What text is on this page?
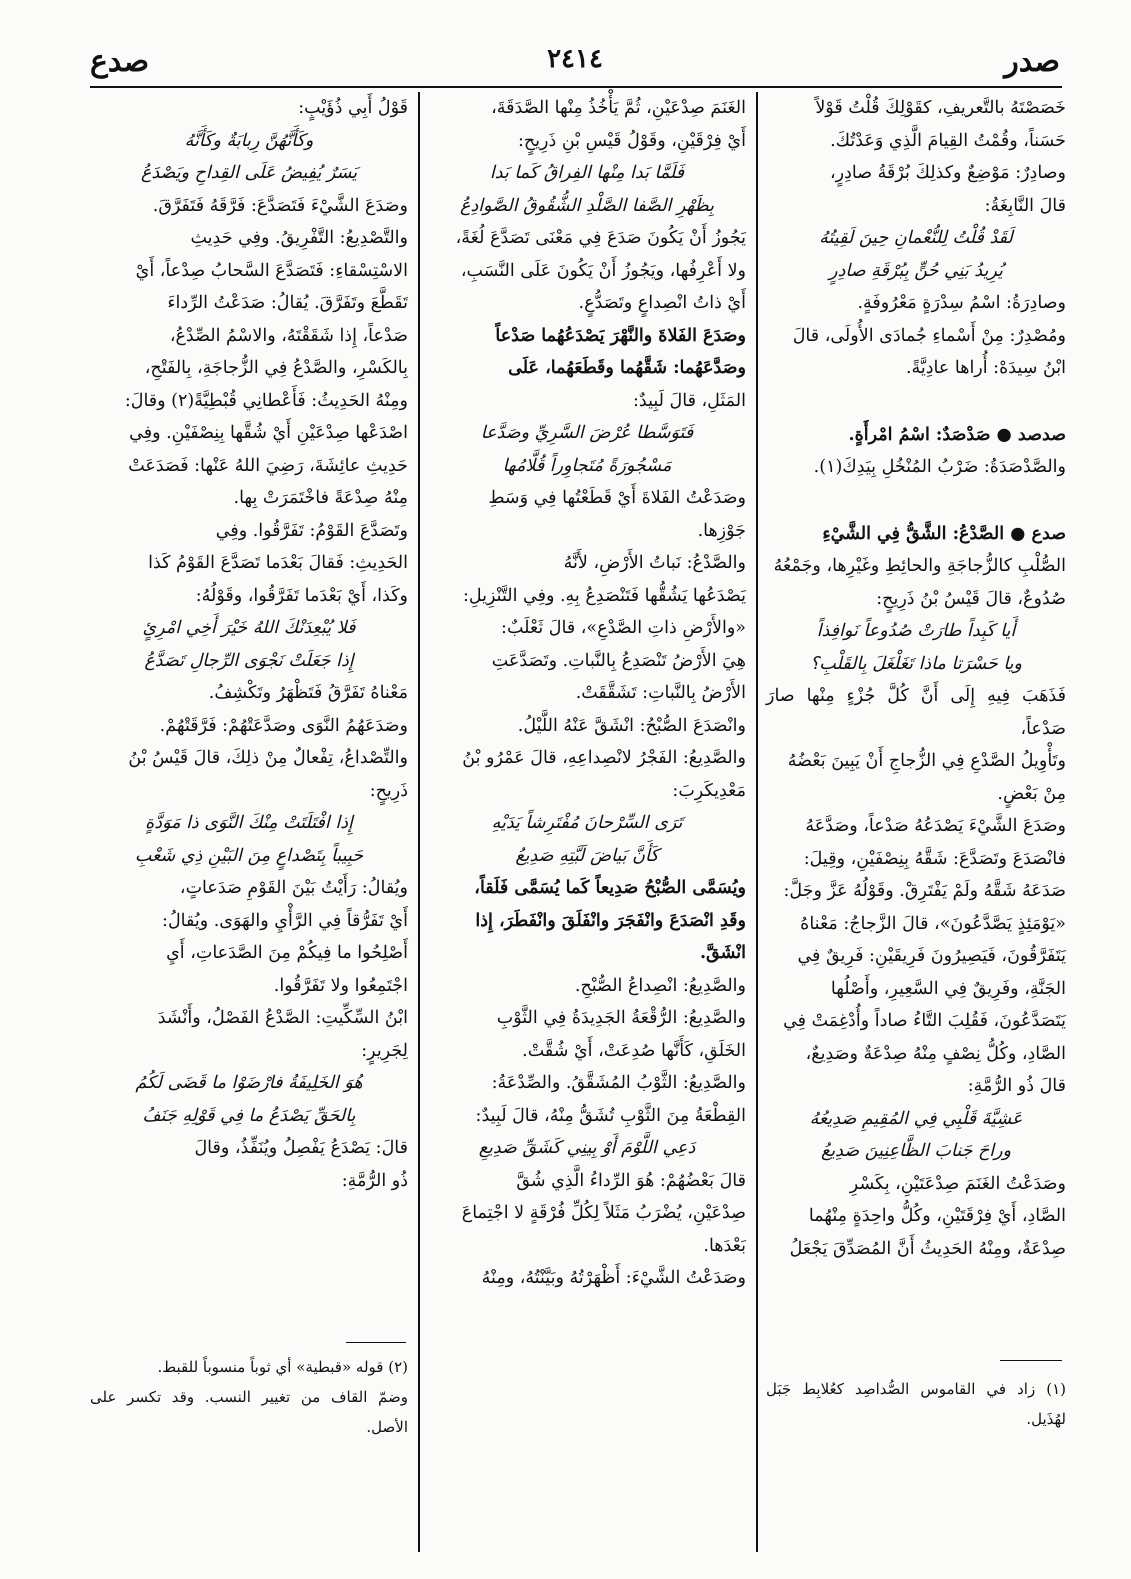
صدع	٢٤١٤	صدر

خَصَصْتَهُ بالتَّعريفِ، كقَوْلِكَ قُلْتُ قَوْلاً

حَسَناً، وقُمْتُ القِيامَ الَّذِي وَعَدْتُكَ.

وصادِرٌ: مَوْضِعٌ وكذلِكَ بُرْقَةُ صادِرٍ،

قالَ النَّابِغَةُ:

لَقَدْ قُلْتُ لِلنُّعْمانِ حِينَ لَقِيتُهُ

يُرِيدُ بَنِي حُنٍّ بِبُرْقَةِ صادِرٍ

وصادِرَةُ: اسْمُ سِدْرَةٍ مَعْرُوفَةٍ.

ومُصْدِرٌ: مِنْ أَسْماءِ جُمادَى الأُولَى، قالَ

ابْنُ سِيدَهْ: أُراها عادِيَّةً.

صدصد ● صَدْصَدٌ: اسْمُ امْرأَةٍ.

والصَّدْصَدَةُ: ضَرْبُ المُنْخُلِ بِيَدِكَ(١).

صدع ● الصَّدْعُ: الشَّقُّ فِي الشَّيْءِ

الصُّلْبِ كالزُّجاجَةِ والحائِطِ وغَيْرِها، وجَمْعُهُ

صُدُوعٌ، قالَ قَيْسُ بْنُ ذَرِيحٍ:

أَيا كَبِداً طارَتْ صُدُوعاً نَوافِذاً

ويا حَسْرَتا ماذا تَغَلْغَلَ بِالقَلْبِ؟

فَذَهَبَ فِيهِ إِلَى أَنَّ كُلَّ جُزْءٍ مِنْها صارَ صَدْعاً،

وتَأْوِيلُ الصَّدْعِ فِي الزُّجاجِ أَنْ يَبِينَ بَعْضُهُ

مِنْ بَعْضٍ.

وصَدَعَ الشَّيْءَ يَصْدَعُهُ صَدْعاً، وصَدَّعَهُ

فانْصَدَعَ وتَصَدَّعَ: شَقَّهُ بِنِصْفَيْنِ، وقِيلَ:

صَدَعَهُ شَقَّهُ ولَمْ يَفْتَرِقْ. وقَوْلُهُ عَزَّ وجَلَّ:

«يَوْمَئِذٍ يَصَّدَّعُونَ»، قالَ الزَّجاجُ: مَعْناهُ

يَتَفَرَّقُونَ، فَيَصِيرُونَ فَرِيقَيْنِ: فَرِيقٌ فِي

الجَنَّةِ، وفَرِيقٌ فِي السَّعِيرِ، وأَصْلُها

يَتَصَدَّعُونَ، فَقُلِبَ التَّاءُ صاداً وأُدْغِمَتْ فِي

الصَّادِ، وكُلُّ نِصْفٍ مِنْهُ صِدْعَةٌ وصَدِيعٌ،

قالَ ذُو الرُّمَّةِ:

عَشِيَّةَ قَلْبِي فِي المُقِيمِ صَدِيعُهُ

وراحَ جَنابَ الظَّاعِنِينَ صَدِيعُ

وصَدَعْتُ الغَنَمَ صِدْعَتَيْنِ، بِكَسْرِ

الصَّادِ، أَيْ فِرْقَتَيْنِ، وكُلُّ واحِدَةٍ مِنْهُما

صِدْعَةٌ، ومِنْهُ الحَدِيثُ أَنَّ المُصَدِّقَ يَجْعَلُ

(١) زاد في القاموس الصُّداصِد كعُلابِط جَبَل لهُذَيل.

الغَنَمَ صِدْعَيْنِ، ثُمَّ يَأْخُذُ مِنْها الصَّدَقَةَ،

أَيْ فِرْقَيْنِ، وقَوْلُ قَيْسِ بْنِ ذَرِيحٍ:

فَلَمَّا بَدا مِنْها الفِراقُ كَما بَدا

بِظَهْرِ الصَّفا الصَّلْدِ الشُّقُوقُ الصَّوادِعُ

يَجُوزُ أَنْ يَكُونَ صَدَعَ فِي مَعْنَى تَصَدَّعَ لُغَةً،

ولا أَعْرِفُها، ويَجُوزُ أَنْ يَكُونَ عَلَى النَّسَبِ،

أَيْ ذاتُ انْصِداعٍ وتَصَدُّعٍ.

وصَدَعَ الفَلاةَ والنَّهْرَ يَصْدَعُهُما صَدْعاً

وصَدَّعَهُما: شَقَّهُما وقَطَعَهُما، عَلَى

المَثَلِ، قالَ لَبِيدٌ:

فَتَوَسَّطا عُرْضَ السَّرِيِّ وصَدَّعا

مَسْجُورَةً مُتَجاوِراً قُلَّامُها

وصَدَعْتُ الفَلاةَ أَيْ قَطَعْتُها فِي وَسَطِ

جَوْزِها.

والصَّدْعُ: نَباتُ الأَرْضِ، لأَنَّهُ

يَصْدَعُها يَشُقُّها فَتَنْصَدِعُ بِهِ. وفِي التَّنْزِيلِ:

«والأَرْضِ ذاتِ الصَّدْعِ»، قالَ ثَعْلَبٌ:

هِيَ الأَرْضُ تَنْصَدِعُ بِالنَّباتِ. وتَصَدَّعَتِ

الأَرْضُ بِالنَّباتِ: تَشَقَّقَتْ.

وانْصَدَعَ الصُّبْحُ: انْشَقَّ عَنْهُ اللَّيْلُ.

والصَّدِيعُ: الفَجْرُ لانْصِداعِهِ، قالَ عَمْرُو بْنُ

مَعْدِيكَرِبَ:

تَرَى السِّرْحانَ مُفْتَرِشاً يَدَيْهِ

كَأَنَّ بَياضَ لَبَّتِهِ صَدِيعُ

ويُسَمَّى الصُّبْحُ صَدِيعاً كَما يُسَمَّى فَلَقاً،

وقَدِ انْصَدَعَ وانْفَجَرَ وانْفَلَقَ وانْفَطَرَ، إِذا

انْشَقَّ.

والصَّدِيعُ: انْصِداعُ الصُّبْحِ.

والصَّدِيعُ: الرُّقْعَةُ الجَدِيدَةُ فِي الثَّوْبِ

الخَلَقِ، كَأَنَّها صُدِعَتْ، أَيْ شُقَّتْ.

والصَّدِيعُ: الثَّوْبُ المُشَقَّقُ. والصِّدْعَةُ:

القِطْعَةُ مِنَ الثَّوْبِ تُشَقُّ مِنْهُ، قالَ لَبِيدٌ:

دَعِي اللَّوْمَ أَوْ بِينِي كَشَقِّ صَدِيعِ

قالَ بَعْضُهُمْ: هُوَ الرِّداءُ الَّذِي شُقَّ

صِدْعَيْنِ، يُضْرَبُ مَثَلاً لِكُلِّ فُرْقَةٍ لا اجْتِماعَ

بَعْدَها.

وصَدَعْتُ الشَّيْءَ: أَظْهَرْتُهُ وبَيَّنْتُهُ، ومِنْهُ

قَوْلُ أَبِي ذُؤَيْبٍ:

وكَأَنَّهُنَّ رِبابَةٌ وكَأَنَّهُ

يَسَرٌ يُفِيضُ عَلَى القِداحِ ويَصْدَعُ

وصَدَعَ الشَّيْءَ فَتَصَدَّعَ: فَرَّقَهُ فَتَفَرَّقَ.

والتَّصْدِيعُ: التَّفْرِيقُ. وفِي حَدِيثِ

الاسْتِسْقاءِ: فَتَصَدَّعَ السَّحابُ صِدْعاً، أَيْ

تَقَطَّعَ وتَفَرَّقَ. يُقالُ: صَدَعْتُ الرِّداءَ

صَدْعاً، إِذا شَقَقْتَهُ، والاسْمُ الصِّدْعُ،

بِالكَسْرِ، والصَّدْعُ فِي الزُّجاجَةِ، بِالفَتْحِ،

ومِنْهُ الحَدِيثُ: فَأَعْطانِي قُبْطِيَّةً(٢) وقالَ:

اصْدَعْها صِدْعَيْنِ أَيْ شُقَّها بِنِصْفَيْنِ. وفِي

حَدِيثِ عائِشَةَ، رَضِيَ اللهُ عَنْها: فَصَدَعَتْ

مِنْهُ صِدْعَةً فاخْتَمَرَتْ بِها.

وتَصَدَّعَ القَوْمُ: تَفَرَّقُوا. وفِي

الحَدِيثِ: فَقالَ بَعْدَما تَصَدَّعَ القَوْمُ كَذا

وكَذا، أَيْ بَعْدَما تَفَرَّقُوا، وقَوْلُهُ:

فَلا يُبْعِدَنْكَ اللهُ خَيْرَ أَخِي امْرِئٍ

إِذا جَعَلَتْ نَجْوَى الرِّجالِ تَصَدَّعُ

مَعْناهُ تَفَرَّقُ فَتَظْهَرُ وتَكْشِفُ.

وصَدَعَهُمُ النَّوَى وصَدَّعَتْهُمْ: فَرَّقَتْهُمْ.

والتِّصْداعُ، تِفْعالٌ مِنْ ذلِكَ، قالَ قَيْسُ بْنُ

ذَرِيحٍ:

إِذا افْتَلَتَتْ مِنْكَ النَّوَى ذا مَوَدَّةٍ

حَبِيباً بِتَصْداعٍ مِنَ البَيْنِ ذِي شَعْبِ

ويُقالُ: رَأَيْتُ بَيْنَ القَوْمِ صَدَعاتٍ،

أَيْ تَفَرُّقاً فِي الرَّأْيِ والهَوَى. ويُقالُ:

أَصْلِحُوا ما فِيكُمْ مِنَ الصَّدَعاتِ، أَيِ

اجْتَمِعُوا ولا تَفَرَّقُوا.

ابْنُ السِّكِّيتِ: الصَّدْعُ الفَصْلُ، وأَنْشَدَ

لِجَرِيرٍ:

هُوَ الخَلِيفَةُ فارْضَوْا ما قَضَى لَكُمُ

بِالحَقِّ يَصْدَعُ ما فِي قَوْلِهِ جَنَفُ

قالَ: يَصْدَعُ يَفْصِلُ ويُنَفِّذُ، وقالَ

ذُو الرُّمَّةِ:

(٢) قوله «قبطية» أي ثوباً منسوباً للقبط.
وضمّ القاف من تغيير النسب. وقد تكسر على الأصل.
